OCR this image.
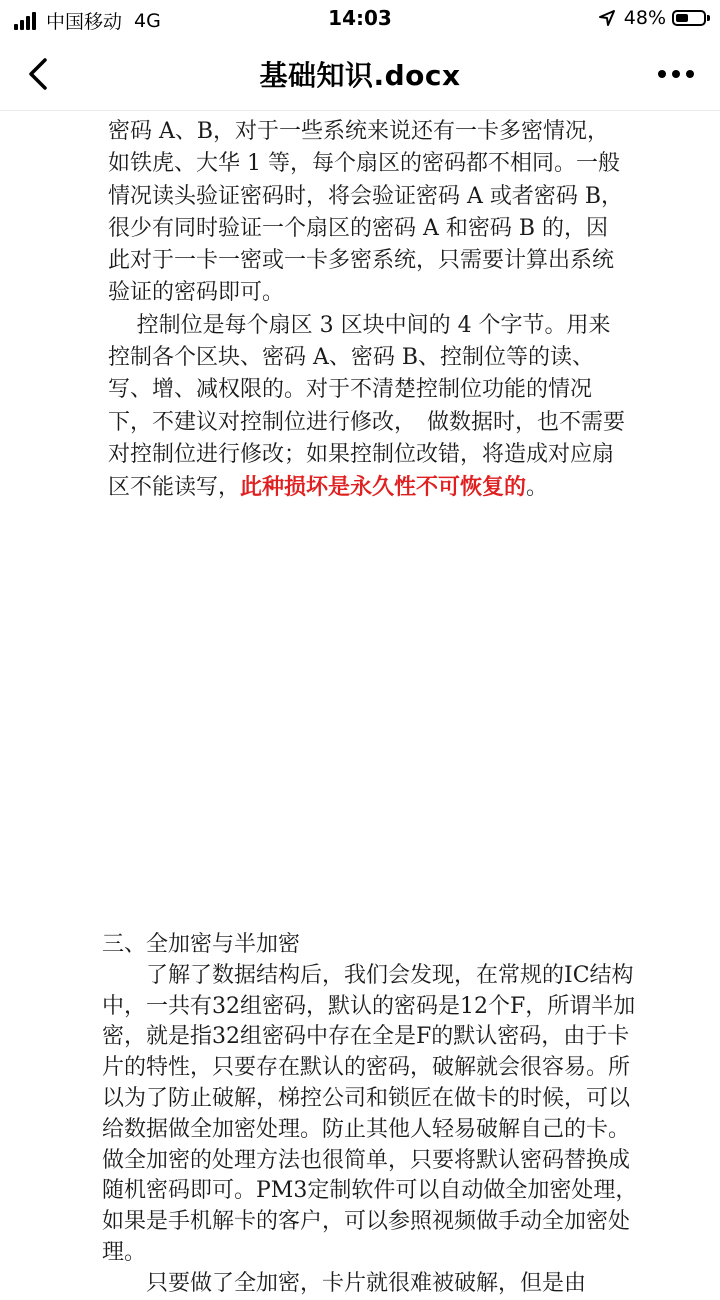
中国移动 4G	14:03	48%
基础知识.docx

密码 A、B，对于一些系统来说还有一卡多密情况，如铁虎、大华 1 等，每个扇区的密码都不相同。一般情况读头验证密码时，将会验证密码 A 或者密码 B，很少有同时验证一个扇区的密码 A 和密码 B 的，因此对于一卡一密或一卡多密系统，只需要计算出系统验证的密码即可。

控制位是每个扇区 3 区块中间的 4 个字节。用来控制各个区块、密码 A、密码 B、控制位等的读、写、增、减权限的。对于不清楚控制位功能的情况下，不建议对控制位进行修改，　做数据时，也不需要对控制位进行修改；如果控制位改错，将造成对应扇区不能读写，此种损坏是永久性不可恢复的。

三、全加密与半加密

了解了数据结构后，我们会发现，在常规的IC结构中，一共有32组密码，默认的密码是12个F，所谓半加密，就是指32组密码中存在全是F的默认密码，由于卡片的特性，只要存在默认的密码，破解就会很容易。所以为了防止破解，梯控公司和锁匠在做卡的时候，可以给数据做全加密处理。防止其他人轻易破解自己的卡。做全加密的处理方法也很简单，只要将默认密码替换成随机密码即可。PM3定制软件可以自动做全加密处理，如果是手机解卡的客户，可以参照视频做手动全加密处理。

只要做了全加密，卡片就很难被破解，但是由
